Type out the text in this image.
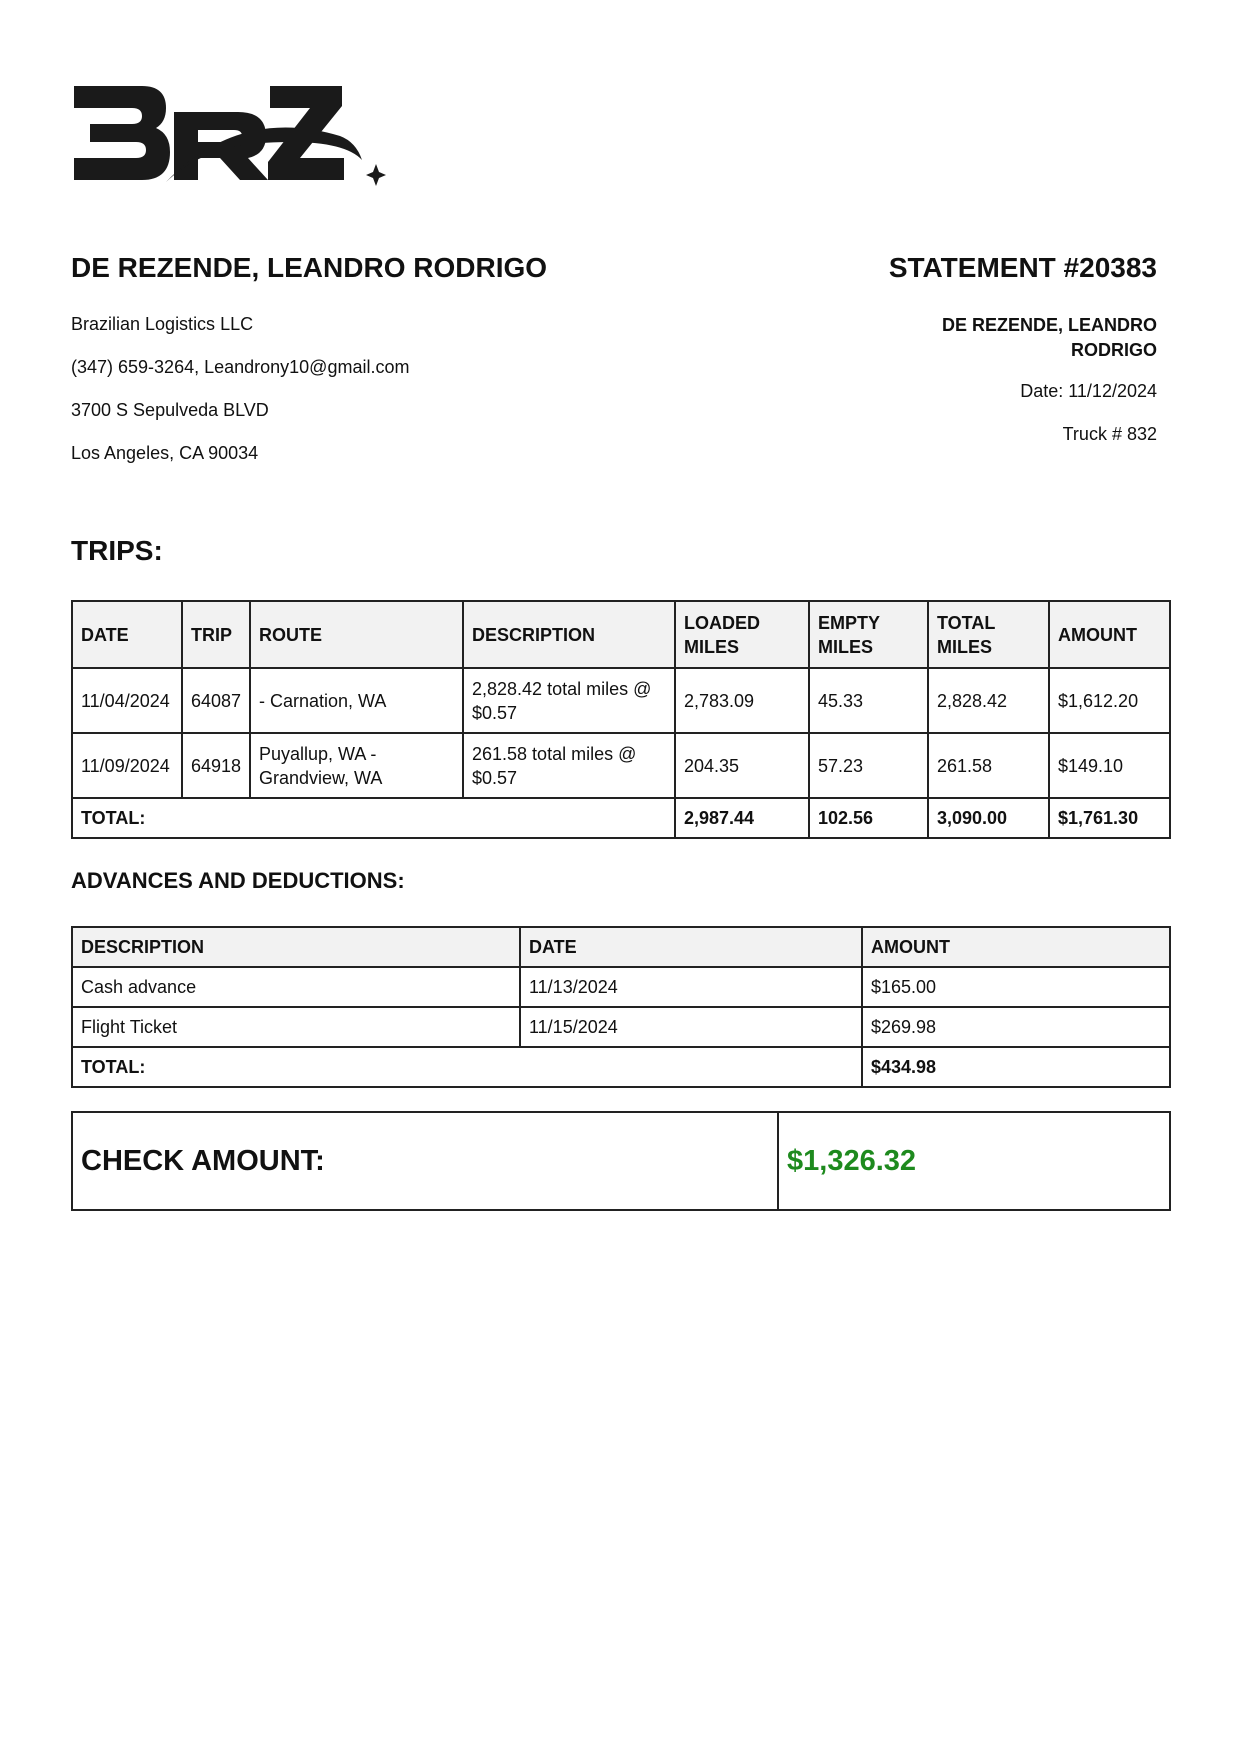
DE REZENDE, LEANDRO RODRIGO	STATEMENT #20383
Brazilian Logistics LLC
(347) 659-3264, Leandrony10@gmail.com
3700 S Sepulveda BLVD
Los Angeles, CA 90034
DE REZENDE, LEANDRO RODRIGO
Date: 11/12/2024
Truck # 832
TRIPS:
DATE	TRIP	ROUTE	DESCRIPTION	LOADED MILES	EMPTY MILES	TOTAL MILES	AMOUNT
11/04/2024	64087	- Carnation, WA	2,828.42 total miles @ $0.57	2,783.09	45.33	2,828.42	$1,612.20
11/09/2024	64918	Puyallup, WA - Grandview, WA	261.58 total miles @ $0.57	204.35	57.23	261.58	$149.10
TOTAL:				2,987.44	102.56	3,090.00	$1,761.30
ADVANCES AND DEDUCTIONS:
DESCRIPTION	DATE	AMOUNT
Cash advance	11/13/2024	$165.00
Flight Ticket	11/15/2024	$269.98
TOTAL:		$434.98
CHECK AMOUNT:	$1,326.32
